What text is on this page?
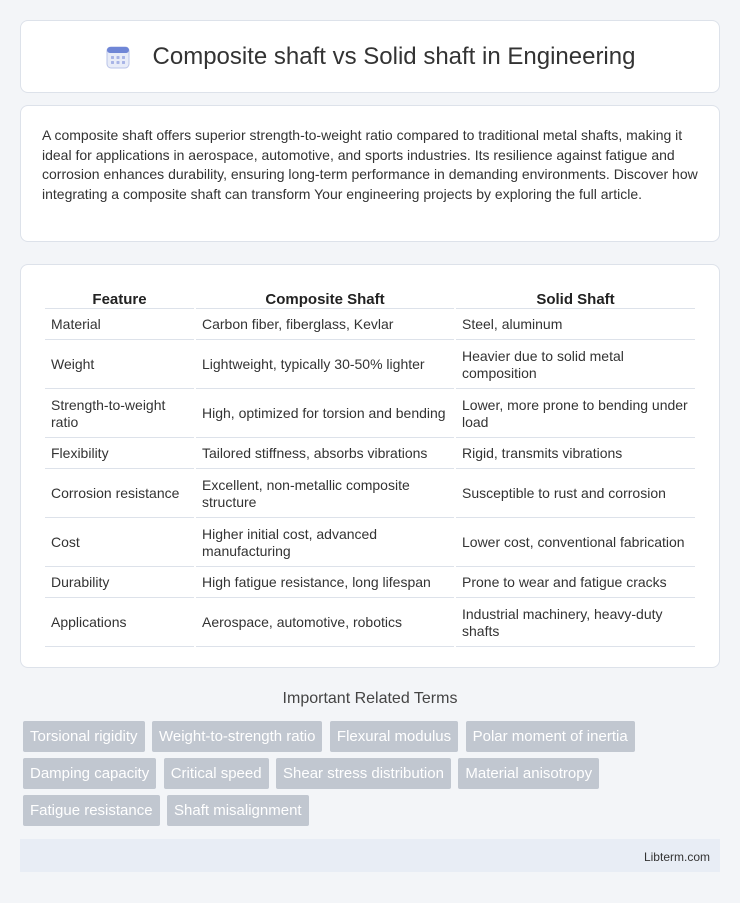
Composite shaft vs Solid shaft in Engineering

A composite shaft offers superior strength-to-weight ratio compared to traditional metal shafts, making it ideal for applications in aerospace, automotive, and sports industries. Its resilience against fatigue and corrosion enhances durability, ensuring long-term performance in demanding environments. Discover how integrating a composite shaft can transform Your engineering projects by exploring the full article.

Feature	Composite Shaft	Solid Shaft
Material	Carbon fiber, fiberglass, Kevlar	Steel, aluminum
Weight	Lightweight, typically 30-50% lighter	Heavier due to solid metal composition
Strength-to-weight ratio	High, optimized for torsion and bending	Lower, more prone to bending under load
Flexibility	Tailored stiffness, absorbs vibrations	Rigid, transmits vibrations
Corrosion resistance	Excellent, non-metallic composite structure	Susceptible to rust and corrosion
Cost	Higher initial cost, advanced manufacturing	Lower cost, conventional fabrication
Durability	High fatigue resistance, long lifespan	Prone to wear and fatigue cracks
Applications	Aerospace, automotive, robotics	Industrial machinery, heavy-duty shafts
Important Related Terms
Torsional rigidity Weight-to-strength ratio Flexural modulus Polar moment of inertia Damping capacity Critical speed Shear stress distribution Material anisotropy Fatigue resistance Shaft misalignment
Libterm.com
